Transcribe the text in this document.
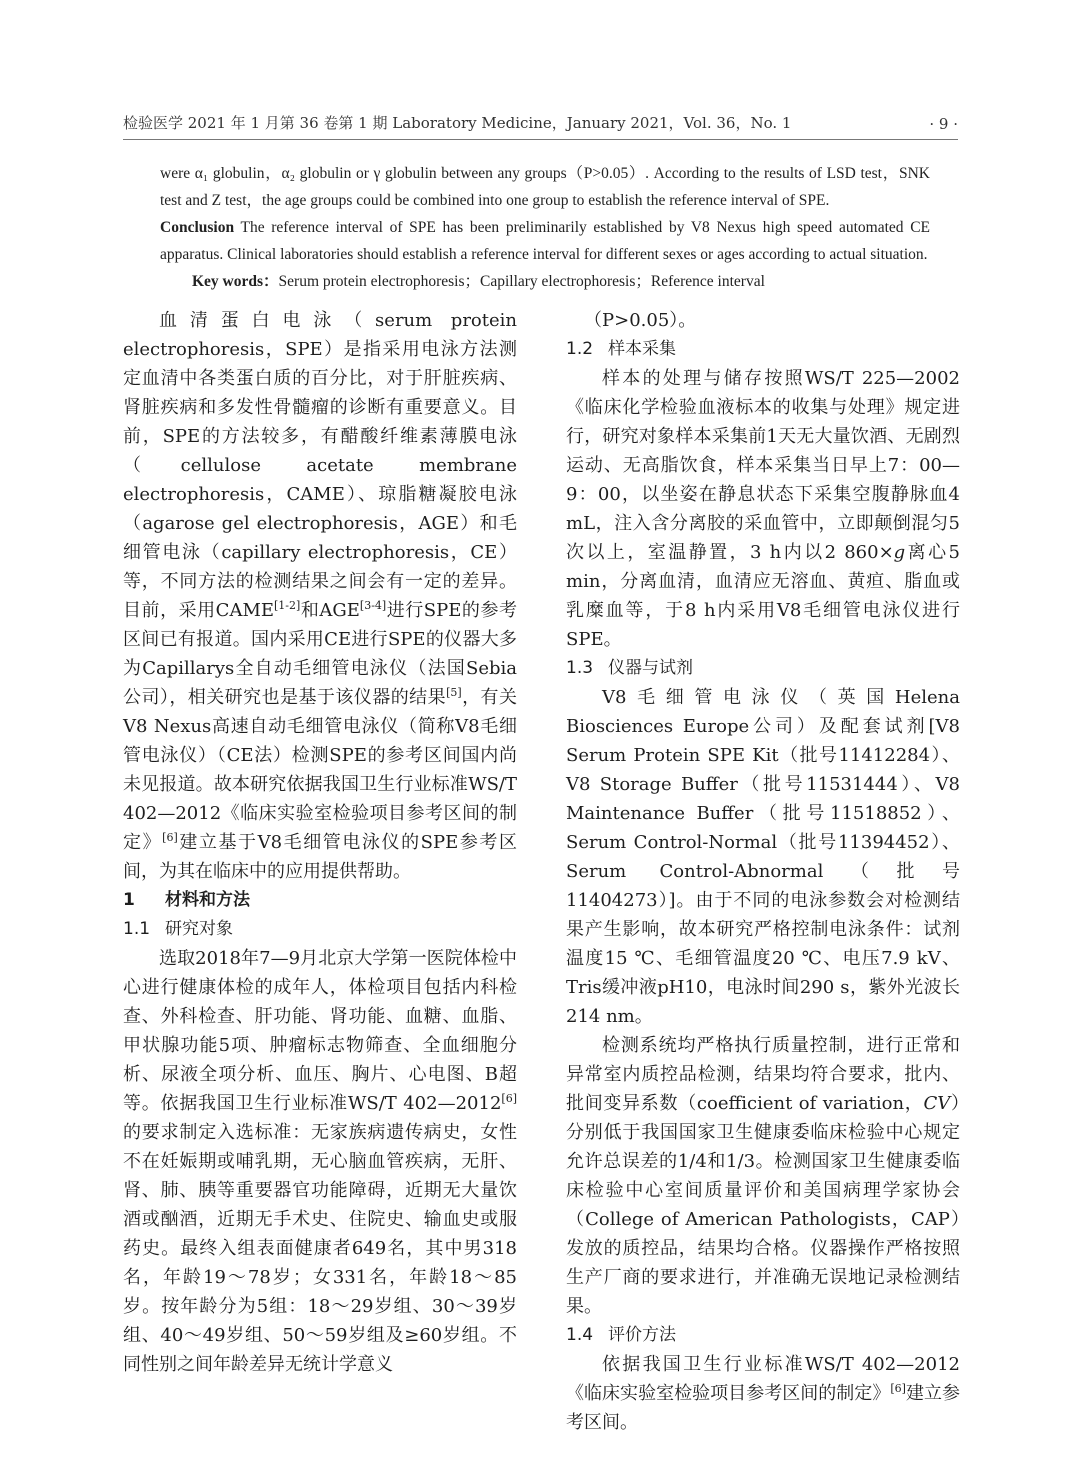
检验医学 2021 年 1 月第 36 卷第 1 期 Laboratory Medicine，January 2021，Vol. 36，No. 1	· 9 ·

were α₁ globulin，α₂ globulin or γ globulin between any groups（P>0.05）. According to the results of LSD test，SNK test and Z test，the age groups could be combined into one group to establish the reference interval of SPE.

Conclusion The reference interval of SPE has been preliminarily established by V8 Nexus high speed automated CE apparatus. Clinical laboratories should establish a reference interval for different sexes or ages according to actual situation.

Key words：Serum protein electrophoresis；Capillary electrophoresis；Reference interval

血清蛋白电泳（serum protein electrophoresis，SPE）是指采用电泳方法测定血清中各类蛋白质的百分比，对于肝脏疾病、肾脏疾病和多发性骨髓瘤的诊断有重要意义。目前，SPE的方法较多，有醋酸纤维素薄膜电泳（cellulose acetate membrane electrophoresis，CAME）、琼脂糖凝胶电泳（agarose gel electrophoresis，AGE）和毛细管电泳（capillary electrophoresis，CE）等，不同方法的检测结果之间会有一定的差异。目前，采用CAME[1-2]和AGE[3-4]进行SPE的参考区间已有报道。国内采用CE进行SPE的仪器大多为Capillarys全自动毛细管电泳仪（法国Sebia公司），相关研究也是基于该仪器的结果[5]，有关V8 Nexus高速自动毛细管电泳仪（简称V8毛细管电泳仪）（CE法）检测SPE的参考区间国内尚未见报道。故本研究依据我国卫生行业标准WS/T 402—2012《临床实验室检验项目参考区间的制定》[6]建立基于V8毛细管电泳仪的SPE参考区间，为其在临床中的应用提供帮助。

1 材料和方法

1.1 研究对象

选取2018年7—9月北京大学第一医院体检中心进行健康体检的成年人，体检项目包括内科检查、外科检查、肝功能、肾功能、血糖、血脂、甲状腺功能5项、肿瘤标志物筛查、全血细胞分析、尿液全项分析、血压、胸片、心电图、B超等。依据我国卫生行业标准WS/T 402—2012[6]的要求制定入选标准：无家族病遗传病史，女性不在妊娠期或哺乳期，无心脑血管疾病，无肝、肾、肺、胰等重要器官功能障碍，近期无大量饮酒或酗酒，近期无手术史、住院史、输血史或服药史。最终入组表面健康者649名，其中男318名，年龄19～78岁；女331名，年龄18～85岁。按年龄分为5组：18～29岁组、30～39岁组、40～49岁组、50～59岁组及≥60岁组。不同性别之间年龄差异无统计学意义

（P>0.05）。

1.2 样本采集

样本的处理与储存按照WS/T 225—2002《临床化学检验血液标本的收集与处理》规定进行，研究对象样本采集前1天无大量饮酒、无剧烈运动、无高脂饮食，样本采集当日早上7：00—9：00，以坐姿在静息状态下采集空腹静脉血4 mL，注入含分离胶的采血管中，立即颠倒混匀5次以上，室温静置，3 h内以2 860×g离心5 min，分离血清，血清应无溶血、黄疸、脂血或乳糜血等，于8 h内采用V8毛细管电泳仪进行SPE。

1.3 仪器与试剂

V8毛细管电泳仪（英国Helena Biosciences Europe公司）及配套试剂[V8 Serum Protein SPE Kit（批号11412284）、V8 Storage Buffer（批号11531444）、V8 Maintenance Buffer（批号11518852）、Serum Control-Normal（批号11394452）、Serum Control-Abnormal（批号11404273）]。由于不同的电泳参数会对检测结果产生影响，故本研究严格控制电泳条件：试剂温度15 ℃、毛细管温度20 ℃、电压7.9 kV、Tris缓冲液pH10，电泳时间290 s，紫外光波长214 nm。

检测系统均严格执行质量控制，进行正常和异常室内质控品检测，结果均符合要求，批内、批间变异系数（coefficient of variation，CV）分别低于我国国家卫生健康委临床检验中心规定允许总误差的1/4和1/3。检测国家卫生健康委临床检验中心室间质量评价和美国病理学家协会（College of American Pathologists，CAP）发放的质控品，结果均合格。仪器操作严格按照生产厂商的要求进行，并准确无误地记录检测结果。

1.4 评价方法

依据我国卫生行业标准WS/T 402—2012《临床实验室检验项目参考区间的制定》[6]建立参考区间。
